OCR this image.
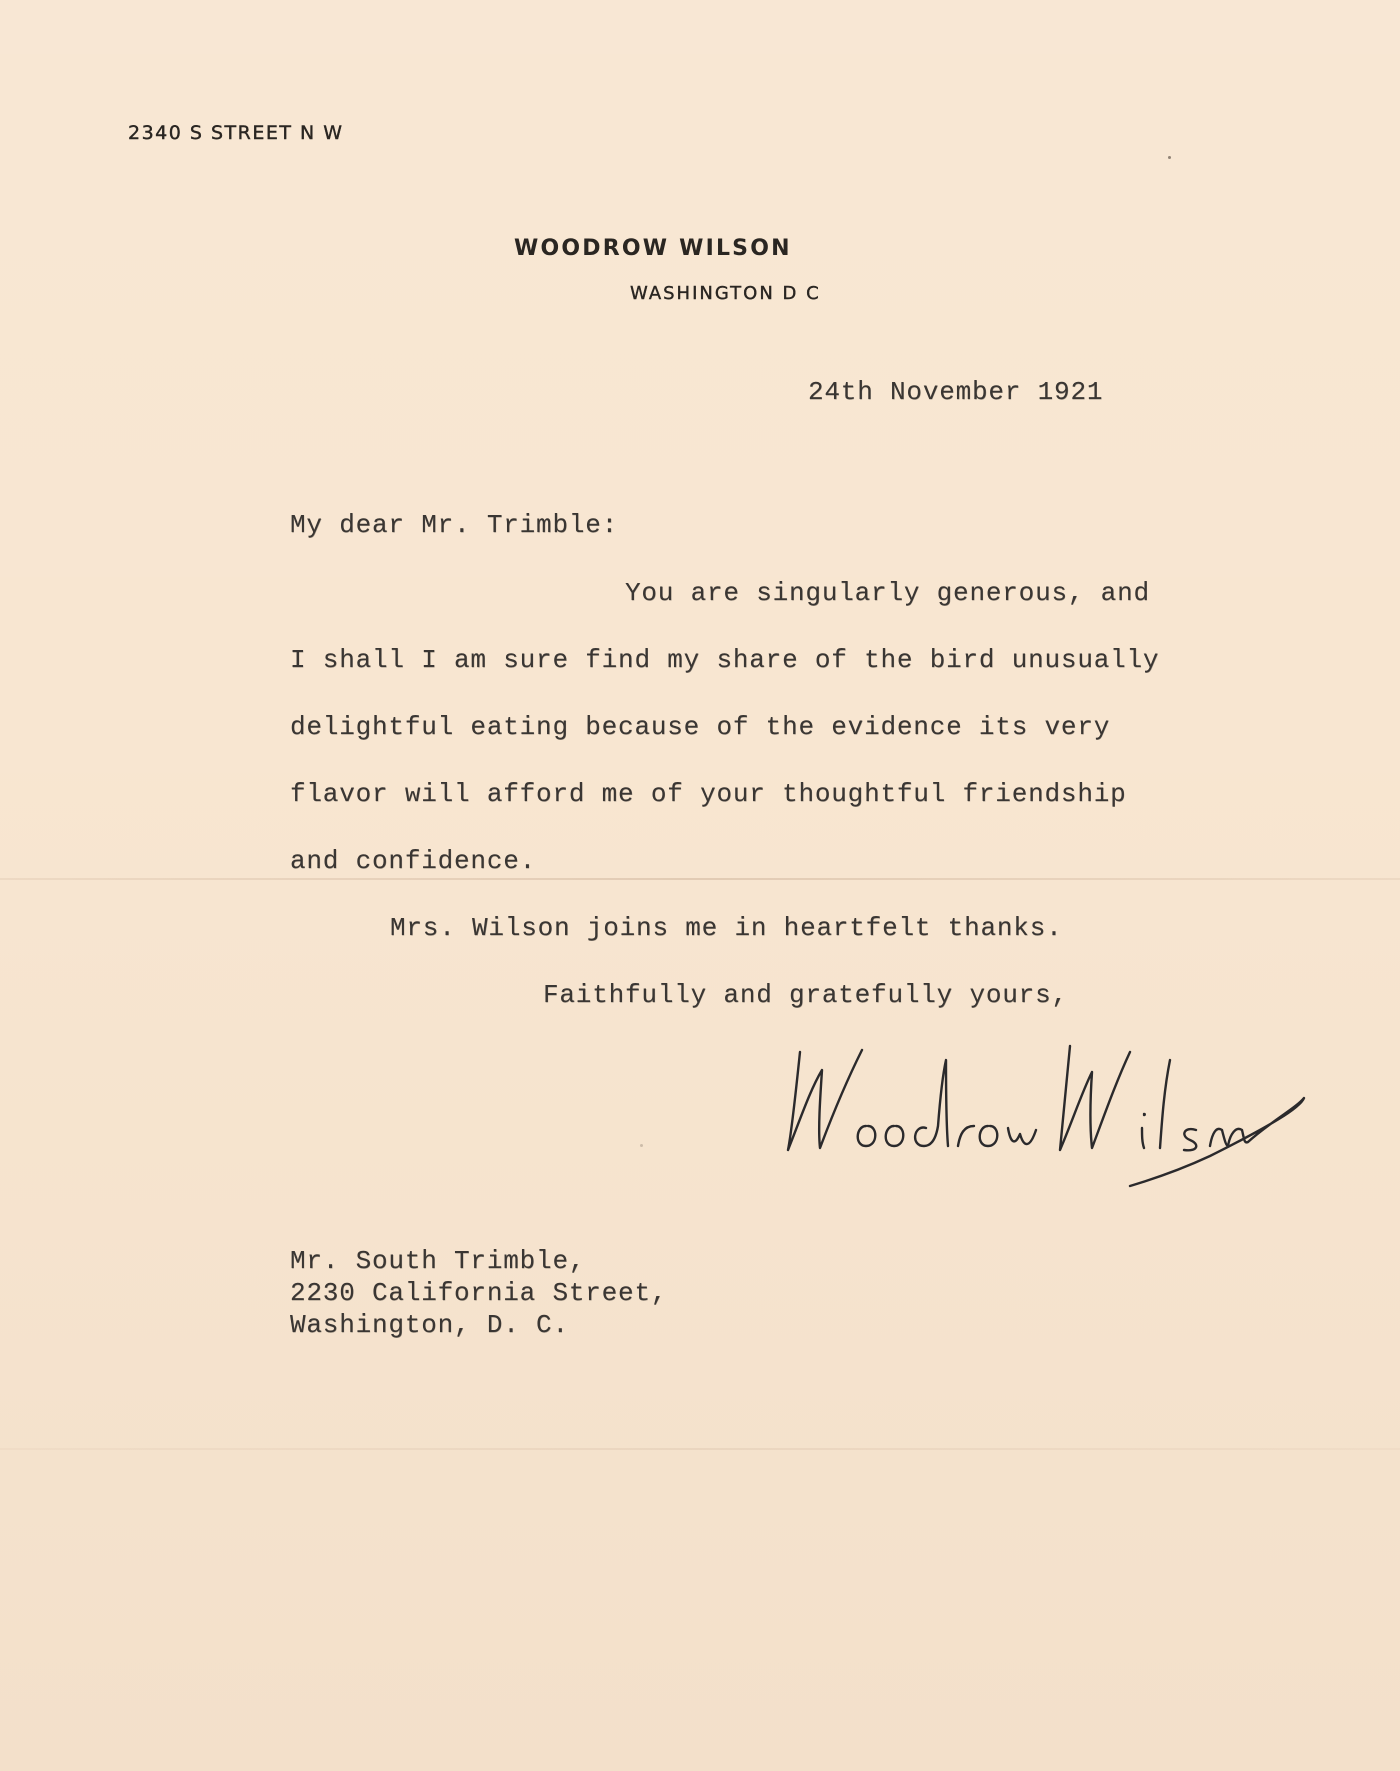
2340 S STREET N W
WOODROW WILSON
WASHINGTON D C
24th November 1921
My dear Mr. Trimble:
You are singularly generous, and
I shall I am sure find my share of the bird unusually
delightful eating because of the evidence its very
flavor will afford me of your thoughtful friendship
and confidence.
Mrs. Wilson joins me in heartfelt thanks.
Faithfully and gratefully yours,
Mr. South Trimble,
2230 California Street,
Washington, D. C.
